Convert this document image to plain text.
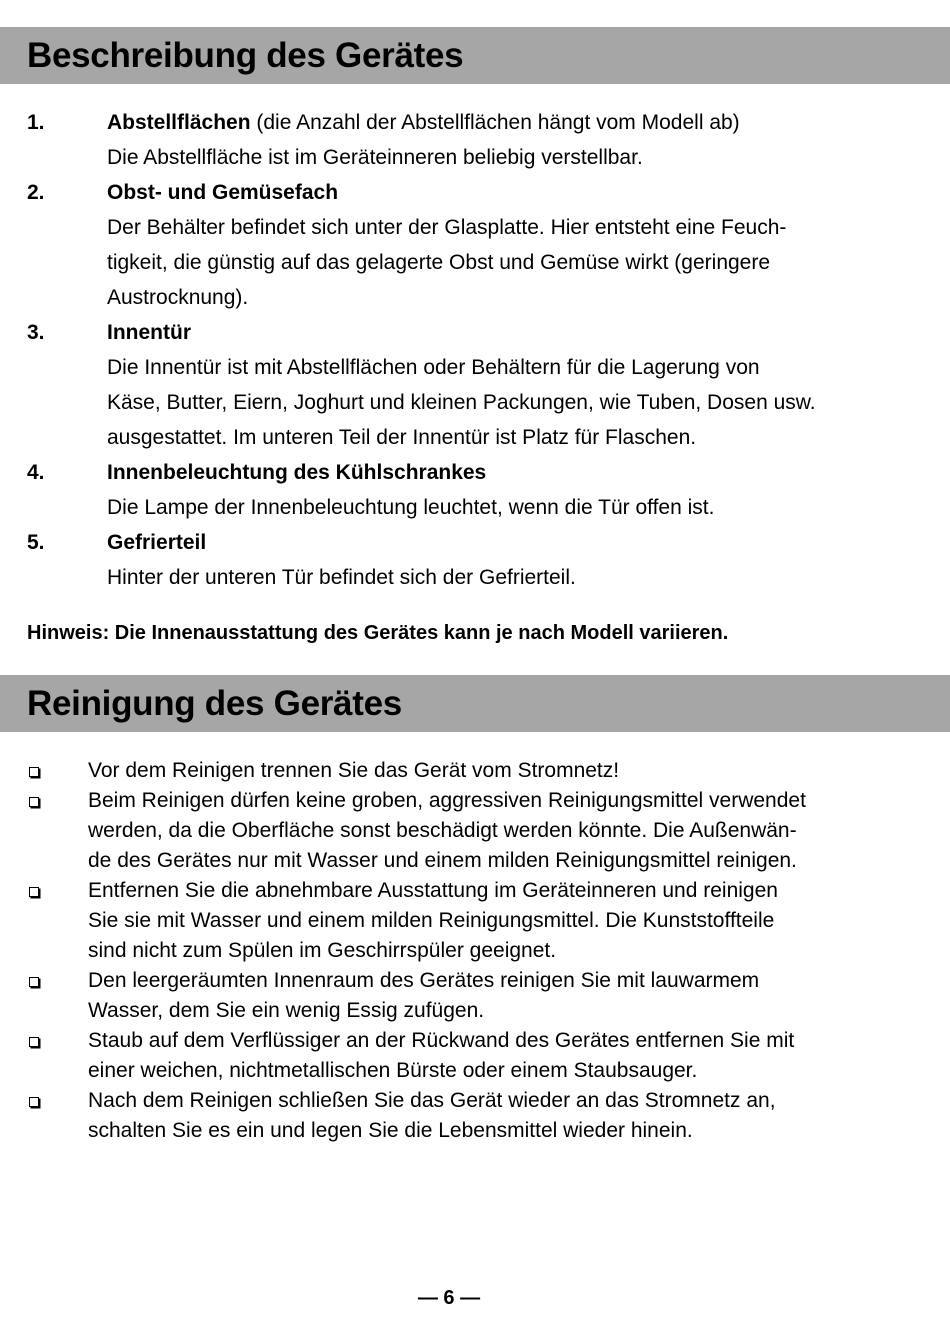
Beschreibung des Gerätes
1.	Abstellflächen (die Anzahl der Abstellflächen hängt vom Modell ab)
Die Abstellfläche ist im Geräteinneren beliebig verstellbar.
2.	Obst- und Gemüsefach
Der Behälter befindet sich unter der Glasplatte. Hier entsteht eine Feuch-
tigkeit, die günstig auf das gelagerte Obst und Gemüse wirkt (geringere
Austrocknung).
3.	Innentür
Die Innentür ist mit Abstellflächen oder Behältern für die Lagerung von
Käse, Butter, Eiern, Joghurt und kleinen Packungen, wie Tuben, Dosen usw.
ausgestattet. Im unteren Teil der Innentür ist Platz für Flaschen.
4.	Innenbeleuchtung des Kühlschrankes
Die Lampe der Innenbeleuchtung leuchtet, wenn die Tür offen ist.
5.	Gefrierteil
Hinter der unteren Tür befindet sich der Gefrierteil.
Hinweis: Die Innenausstattung des Gerätes kann je nach Modell variieren.
Reinigung des Gerätes
Vor dem Reinigen trennen Sie das Gerät vom Stromnetz!
Beim Reinigen dürfen keine groben, aggressiven Reinigungsmittel verwendet
werden, da die Oberfläche sonst beschädigt werden könnte. Die Außenwän-
de des Gerätes nur mit Wasser und einem milden Reinigungsmittel reinigen.
Entfernen Sie die abnehmbare Ausstattung im Geräteinneren und reinigen
Sie sie mit Wasser und einem milden Reinigungsmittel. Die Kunststoffteile
sind nicht zum Spülen im Geschirrspüler geeignet.
Den leergeräumten Innenraum des Gerätes reinigen Sie mit lauwarmem
Wasser, dem Sie ein wenig Essig zufügen.
Staub auf dem Verflüssiger an der Rückwand des Gerätes entfernen Sie mit
einer weichen, nichtmetallischen Bürste oder einem Staubsauger.
Nach dem Reinigen schließen Sie das Gerät wieder an das Stromnetz an,
schalten Sie es ein und legen Sie die Lebensmittel wieder hinein.
— 6 —
